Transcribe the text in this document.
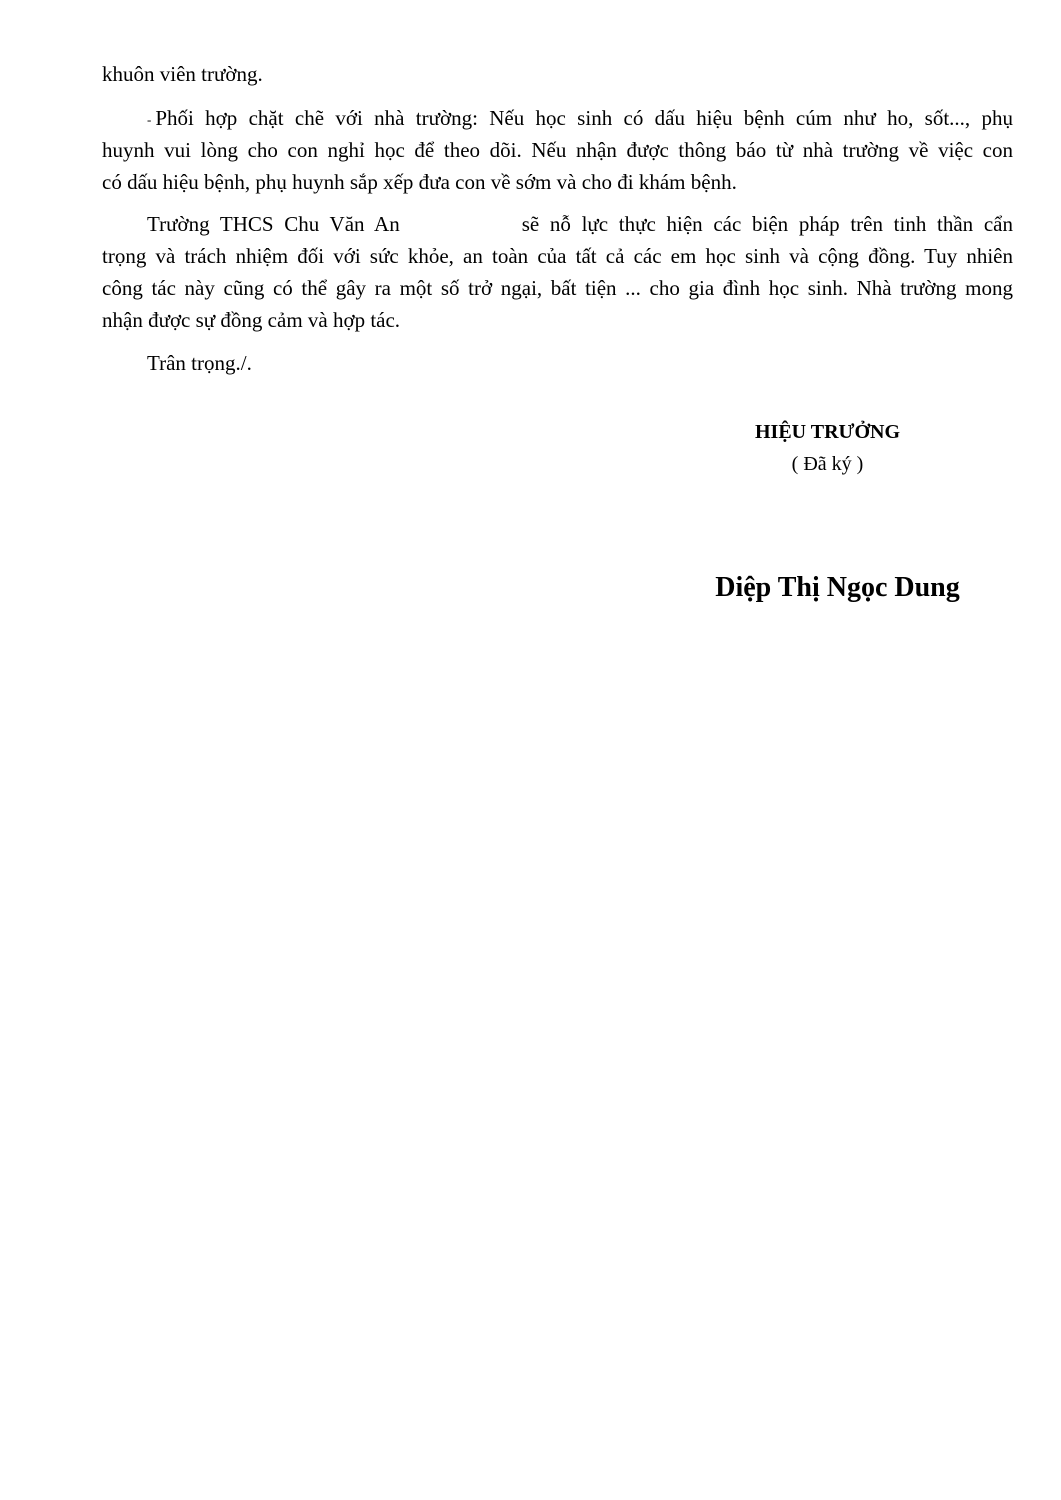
khuôn viên trường.
- Phối hợp chặt chẽ với nhà trường: Nếu học sinh có dấu hiệu bệnh cúm như ho, sốt..., phụ
huynh vui lòng cho con nghỉ học để theo dõi. Nếu nhận được thông báo từ nhà trường về việc con
có dấu hiệu bệnh, phụ huynh sắp xếp đưa con về sớm và cho đi khám bệnh.
Trường THCS Chu Văn An	sẽ nỗ lực thực hiện các biện pháp trên tinh thần cẩn
trọng và trách nhiệm đối với sức khỏe, an toàn của tất cả các em học sinh và cộng đồng. Tuy nhiên
công tác này cũng có thể gây ra một số trở ngại, bất tiện ... cho gia đình học sinh. Nhà trường mong
nhận được sự đồng cảm và hợp tác.
Trân trọng./.
HIỆU TRƯỞNG
( Đã ký )
Diệp Thị Ngọc Dung
